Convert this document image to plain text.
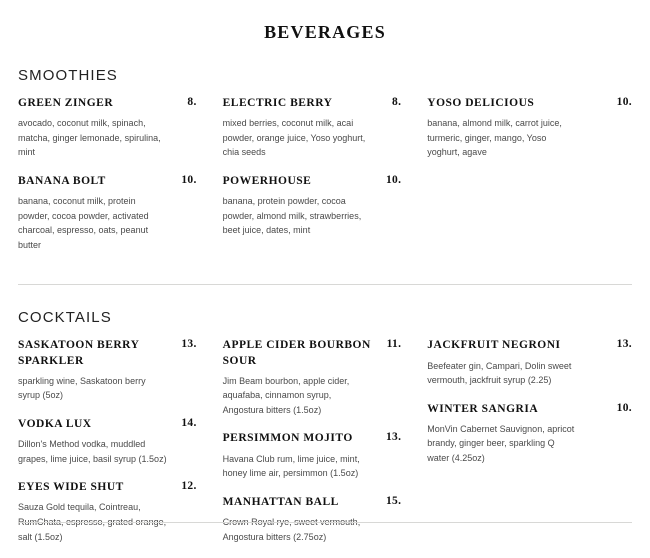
BEVERAGES
SMOOTHIES
GREEN ZINGER	8.
avocado, coconut milk, spinach, matcha, ginger lemonade, spirulina, mint
BANANA BOLT	10.
banana, coconut milk, protein powder, cocoa powder, activated charcoal, espresso, oats, peanut butter
ELECTRIC BERRY	8.
mixed berries, coconut milk, acai powder, orange juice, Yoso yoghurt, chia seeds
POWERHOUSE	10.
banana, protein powder, cocoa powder, almond milk, strawberries, beet juice, dates, mint
YOSO DELICIOUS	10.
banana, almond milk, carrot juice, turmeric, ginger, mango, Yoso yoghurt, agave
COCKTAILS
SASKATOON BERRY SPARKLER
13.
sparkling wine, Saskatoon berry syrup (5oz)
VODKA LUX	14.
Dillon's Method vodka, muddled grapes, lime juice, basil syrup (1.5oz)
EYES WIDE SHUT	12.
Sauza Gold tequila, Cointreau, RumChata, espresso, grated orange, salt (1.5oz)
APPLE CIDER BOURBON SOUR
11.
Jim Beam bourbon, apple cider, aquafaba, cinnamon syrup, Angostura bitters (1.5oz)
PERSIMMON MOJITO	13.
Havana Club rum, lime juice, mint, honey lime air, persimmon (1.5oz)
MANHATTAN BALL	15.
Crown Royal rye, sweet vermouth, Angostura bitters (2.75oz)
JACKFRUIT NEGRONI	13.
Beefeater gin, Campari, Dolin sweet vermouth, jackfruit syrup (2.25)
WINTER SANGRIA	10.
MonVin Cabernet Sauvignon, apricot brandy, ginger beer, sparkling Q water (4.25oz)
